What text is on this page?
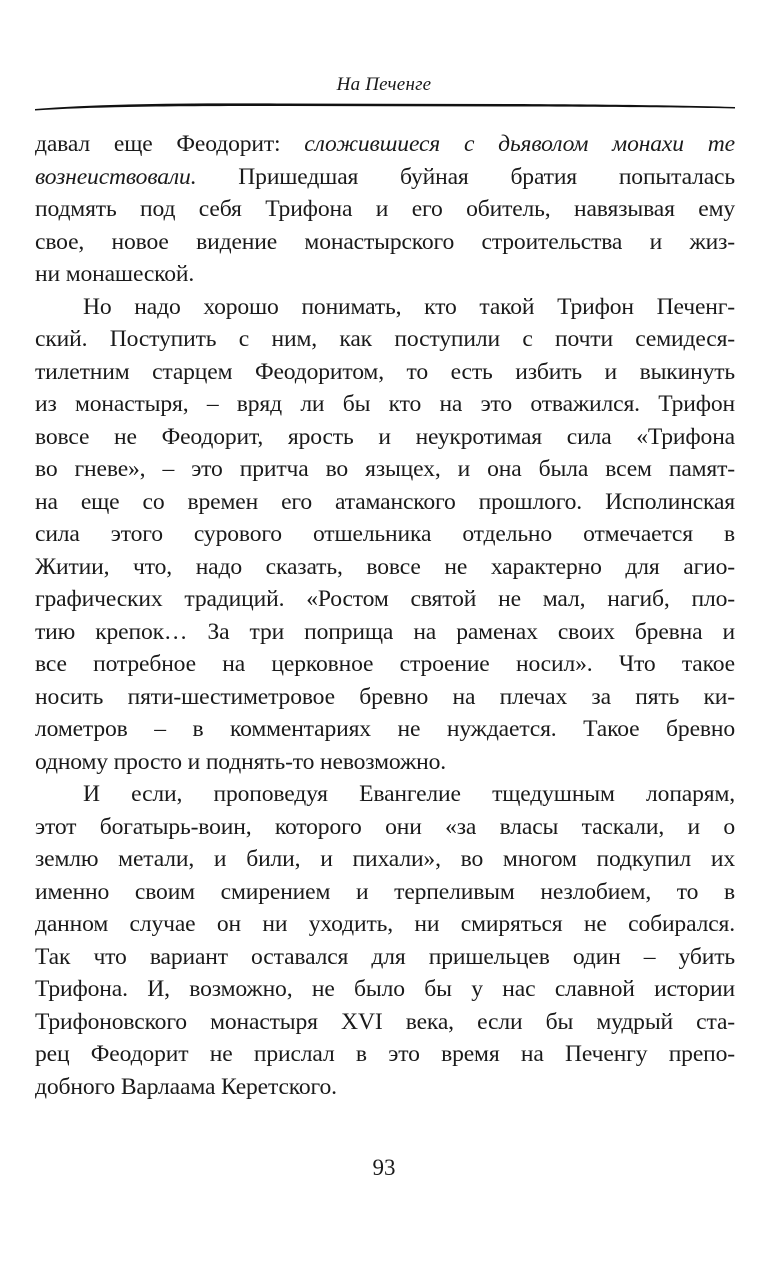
На Печенге
давал еще Феодорит: сложившиеся с дьяволом монахи те
вознеиствовали. Пришедшая буйная братия попыталась
подмять под себя Трифона и его обитель, навязывая ему
свое, новое видение монастырского строительства и жиз-
ни монашеской.
Но надо хорошо понимать, кто такой Трифон Печенг-
ский. Поступить с ним, как поступили с почти семидеся-
тилетним старцем Феодоритом, то есть избить и выкинуть
из монастыря, – вряд ли бы кто на это отважился. Трифон
вовсе не Феодорит, ярость и неукротимая сила «Трифона
во гневе», – это притча во языцех, и она была всем памят-
на еще со времен его атаманского прошлого. Исполинская
сила этого сурового отшельника отдельно отмечается в
Житии, что, надо сказать, вовсе не характерно для агио-
графических традиций. «Ростом святой не мал, нагиб, пло-
тию крепок… За три поприща на раменах своих бревна и
все потребное на церковное строение носил». Что такое
носить пяти-шестиметровое бревно на плечах за пять ки-
лометров – в комментариях не нуждается. Такое бревно
одному просто и поднять-то невозможно.
И если, проповедуя Евангелие тщедушным лопарям,
этот богатырь-воин, которого они «за власы таскали, и о
землю метали, и били, и пихали», во многом подкупил их
именно своим смирением и терпеливым незлобием, то в
данном случае он ни уходить, ни смиряться не собирался.
Так что вариант оставался для пришельцев один – убить
Трифона. И, возможно, не было бы у нас славной истории
Трифоновского монастыря XVI века, если бы мудрый ста-
рец Феодорит не прислал в это время на Печенгу препо-
добного Варлаама Керетского.
93
